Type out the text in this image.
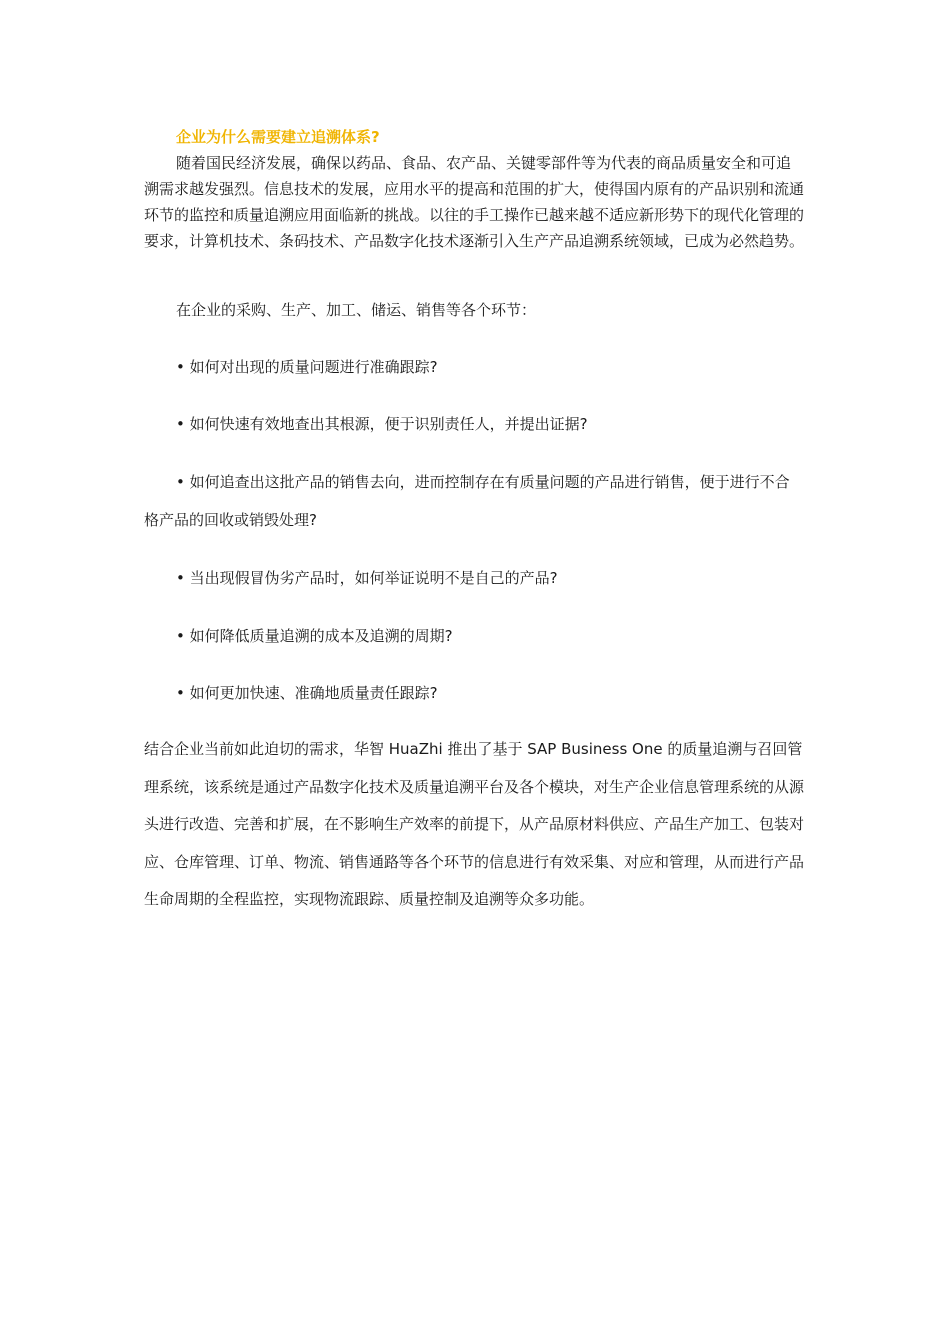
企业为什么需要建立追溯体系?

随着国民经济发展，确保以药品、食品、农产品、关键零部件等为代表的商品质量安全和可追溯需求越发强烈。信息技术的发展，应用水平的提高和范围的扩大，使得国内原有的产品识别和流通环节的监控和质量追溯应用面临新的挑战。以往的手工操作已越来越不适应新形势下的现代化管理的要求，计算机技术、条码技术、产品数字化技术逐渐引入生产产品追溯系统领域，已成为必然趋势。

在企业的采购、生产、加工、储运、销售等各个环节：

• 如何对出现的质量问题进行准确跟踪?

• 如何快速有效地查出其根源，便于识别责任人，并提出证据?

• 如何追查出这批产品的销售去向，进而控制存在有质量问题的产品进行销售，便于进行不合格产品的回收或销毁处理?

• 当出现假冒伪劣产品时，如何举证说明不是自己的产品?

• 如何降低质量追溯的成本及追溯的周期?

• 如何更加快速、准确地质量责任跟踪?

结合企业当前如此迫切的需求，华智 HuaZhi 推出了基于 SAP Business One 的质量追溯与召回管理系统，该系统是通过产品数字化技术及质量追溯平台及各个模块，对生产企业信息管理系统的从源头进行改造、完善和扩展，在不影响生产效率的前提下，从产品原材料供应、产品生产加工、包装对应、仓库管理、订单、物流、销售通路等各个环节的信息进行有效采集、对应和管理，从而进行产品生命周期的全程监控，实现物流跟踪、质量控制及追溯等众多功能。
